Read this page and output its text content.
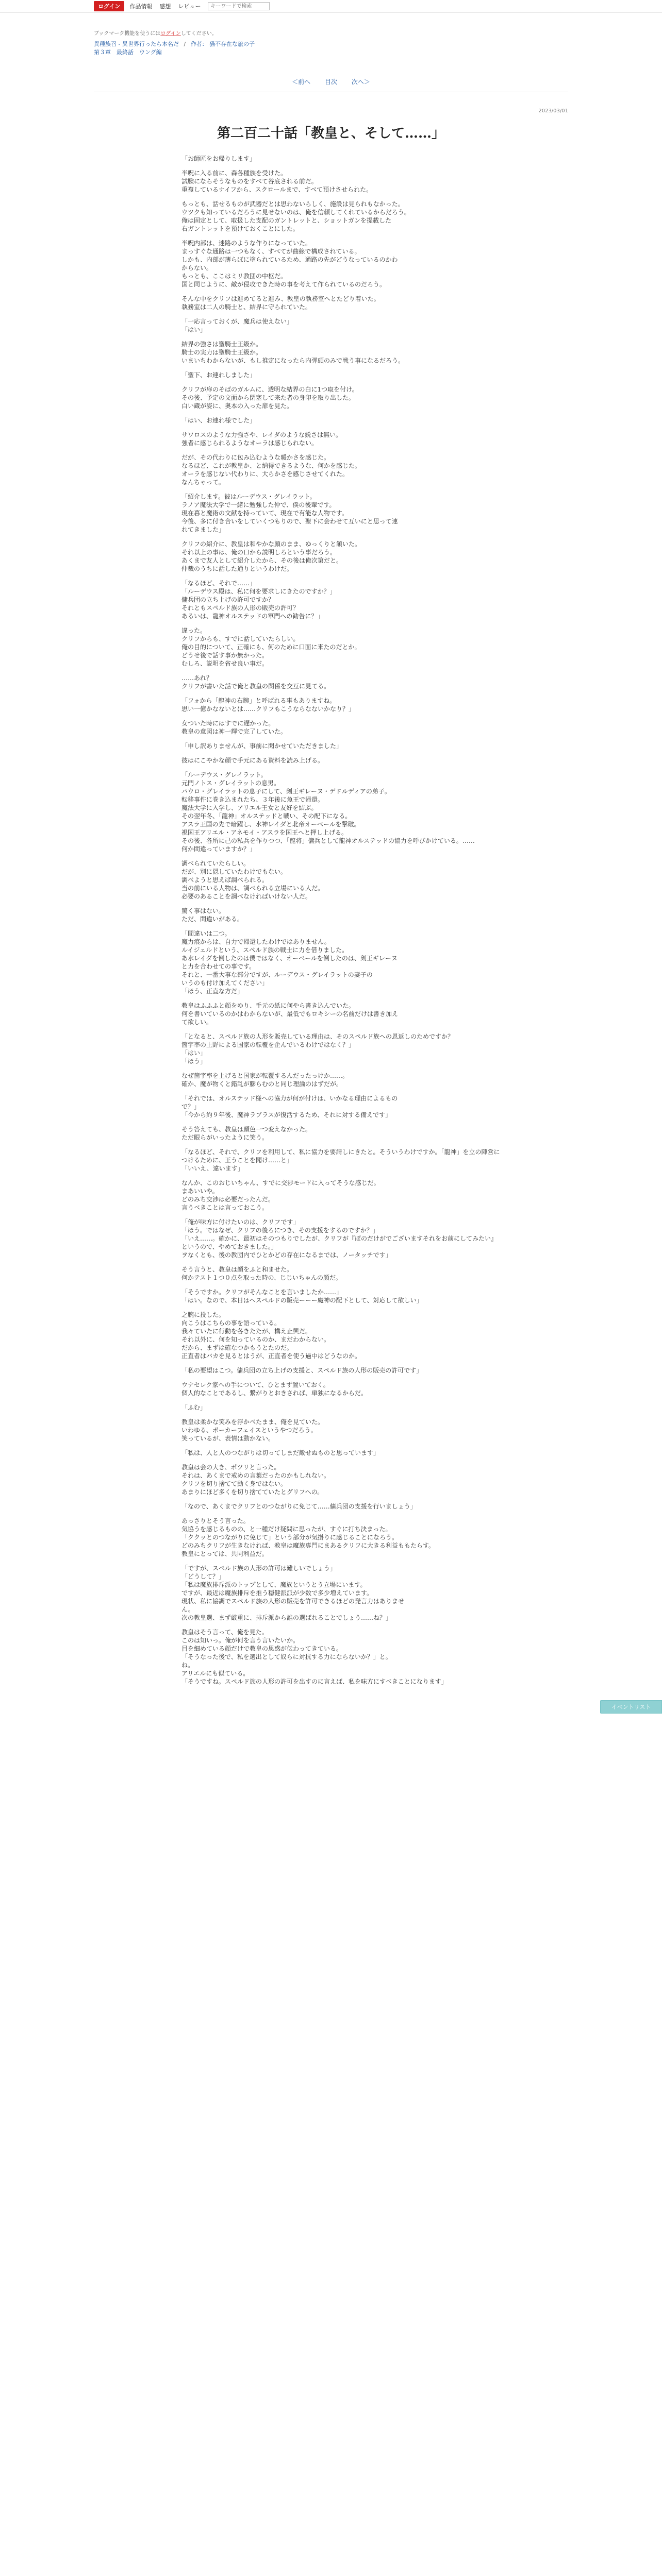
ログイン	作品情報 感想 レビュー
キーワードで検索
ブックマーク機能を使うにはログインしてください。
異種族召 - 異世界行ったら本名だ / 作者： 猫不存在な旅の子
第３章　最終話　ウング編
＜前へ 目次 次へ＞
2023/03/01
第二百二十話「教皇と、そして……」

「お師匠をお帰りします」

半呪に入る前に、森各種族を受けた。
試験にならそうなものをすべて谷底される前だ。
重複しているナイフから、スクロールまで、すべて預けさせられた。

もっとも、話せるものが武器だとは思わないらしく、施設は見られもなかった。
ウツクも知っているだろうに見せないのは、俺を信頼してくれているからだろう。
俺は固定として、取扱した支配のガントレットと、ショットガンを提載した
右ガントレットを預けておくことにした。

半呪内部は、迷路のような作りになっていた。
まっすぐな通路は一つもなく、すべてが曲線で構成されている。
しかも、内部が薄らぼに塗られているため、通路の先がどうなっているのかわ
からない。
もっとも、ここはミリ教団の中枢だ。
国と同じように、敵が侵攻できた時の事を考えて作られているのだろう。

そんな中をクリフは進めてると進み、教皇の執務室へとたどり着いた。
執務室は二人の騎士と、結界に守られていた。

「一応言っておくが、魔兵は使えない」
「はい」

結界の強さは聖騎士王級か。
騎士の実力は聖騎士王級か。
いまいちわからないが、もし推定になったら内弾頭のみで戦う事になるだろう。

「聖下、お連れしました」

クリフが扉のそばのガルムに、透明な結界の白に1つ取を付け。
その後、予定の文面から閉塞して来た者の身印を取り出した。
白い蔵が姿に、奥本の入った扉を見た。

「はい、お連れ様でした」

サワロスのような力強さや、レイダのような鋭さは無い。
強者に感じられるようなオーラは感じられない。

だが、その代わりに包み込むような暖かさを感じた。
なるほど、これが教皇か、と納得できるような、何かを感じた。
オーラを感じない代わりに、大らかさを感じさせてくれた。
なんちゃって。

「紹介します。彼はルーデウス・グレイラット。
ラノア魔法大学で一緒に勉強した仲で、僕の後輩です。
現在暮と魔術の文献を持っていて、現在で有能な人物です。
今後、多に付き合いをしていくつもりので、聖下に会わせて互いにと思って連
れてきました」

クリフの紹介に、教皇は和やかな顔のまま、ゆっくりと頷いた。
それ以上の事は、俺の口から説明しろという事だろう。
あくまで友人として紹介したから、その後は俺次第だと。
仲裁のうちに話した通りというわけだ。

「なるほど、それで……」
「ルーデウス殿は、私に何を要求しにきたのですか？」
傭兵団の立ち上げの許可ですか？
それともスペルド族の人形の販売の許可？
あるいは、龍神オルステッドの軍門への勧告に？」

違った。
クリフからも、すでに話していたらしい。
俺の目的について、正確にも、何のために口面に来たのだとか。
どうせ後で話す事か無かった。
むしろ、説明を省せ良い事だ。

……あれ？
クリフが書いた話で俺と教皇の関係を交互に見てる。

「フォから「龍神の右腕」と呼ばれる事もありますね。
思い一億かなないとは……クリフもこうならなないかなり？」

女ついた時にはすでに遅かった。
教皇の意図は神一輝で完了していた。

「申し訳ありませんが、事前に聞かせていただきました」

彼はにこやかな顔で手元にある資料を読み上げる。

「ルーデウス・グレイラット。
元門ノトス・グレイラットの息男。
パウロ・グレイラットの息子にして、剣王ギレーヌ・デドルディアの弟子。
転移事件に巻き込まれたち、３年後に魚王で帰還。
魔法大学に入学し、アリエル王女と友好を結ぶ。
その翌年冬、「龍神」オルステッドと戦い、その配下になる。
アスラ王国の先で暗躍し、水神レイダと北帝オーベールを撃破。
視国王アリエル・アネモイ・アスラを国王へと押し上げる。
その後、各所に己の私兵を作りつつ、「龍将」傭兵として龍神オルステッドの協力を呼びかけている。……
何か間違っていますか？」

調べられていたらしい。
だが、別に隠していたわけでもない。
調べようと思えば調べられる。
当の前にいる人物は、調べられる立場にいる人だ。
必要のあることを調べなければいけない人だ。

驚く事はない。
ただ、間違いがある。

「間違いは二つ。
魔力痕からは、自力で帰還したわけではありません。
ルイジェルドという、スペルド族の戦士に力を借りました。
あ水レイダを倒したのは僕ではなく、オーベールを倒したのは、剣王ギレーヌ
と力を合わせての事です。
それと、一番大事な部分ですが、ルーデウス・グレイラットの妻子の
いうのも付け加えてください」
「ほう、正直な方だ」

教皇はふふふと顔をゆり、手元の紙に何やら書き込んでいた。
何を書いているのかはわからないが、最低でもロキシーの名前だけは書き加え
て欲しい。

「となると、スペルド族の人形を販売している理由は、そのスペルド族への恩返しのためですか？
箇字率の上野による国家の転覆を企んでいるわけではなく？」
「はい」
「ほう」

なぜ箇字率を上げると国家が転覆するんだったっけか……。
確か、魔が物くと錯乱が膨らむのと同じ理論のはずだが。

「それでは、オルステッド様への協力が何が付けは、いかなる理由によるもの
で？」
「今から約９年後、魔神ラプラスが復活するため、それに対する備えです」

そう答えても、教皇は顔色一つ変えなかった。
ただ眼らがいったように笑う。

「なるほど、それで、クリフを利用して、私に協力を要請しにきたと。そういうわけですか。「龍神」を立の陣営につけるために、王うことを聞け……と」
「いいえ、違います」

なんか、このおじいちゃん、すでに交渉モードに入ってそうな感じだ。
まあいいや。
どのみち交渉は必要だったんだ。
言うべきことは言っておこう。

「俺が味方に付けたいのは、クリフです」
「ほう。ではなぜ、クリフの後ろにつき、その支援をするのですか？」
「いえ……。確かに、最初はそのつもりでしたが、クリフが『ぼのだけがでございますそれをお前にしてみたい』というので、やめておきました。」
ヲなくとも、後の教団内でひとかどの存在になるまでは、ノータッチです」

そう言うと、教皇は顔をふと和ませた。
何かテスト１つ０点を取った時の、じじいちゃんの顔だ。

「そうですか。クリフがそんなことを言いましたか……」
「はい。なので、本日はへスペルドの販売ーーー魔神の配下として、対応して欲しい」

之腕に投した。
向こうはこちらの事を語っている。
我々ていたに行動を各きたたが、構え止興だ。
それ以外に、何を知っているのか、まだわからない。
だから、まずは確なつかもうとたのだ。
正直者はバカを見るとはうが、正直者を使う過中はどうなのか。

「私の要望はこつ。傭兵団の立ち上げの支援と、スペルド族の人形の販売の許可です」

ウナセレク家への手について、ひとまず置いておく。
個人的なことであるし、繋がりとおきされば、単独になるからだ。

「ふむ」

教皇は柔かな笑みを浮かべたまま、俺を見ていた。
いわゆる、ポーカーフェイスというやつだろう。
笑っているが、表情は動かない。

「私は、人と人のつながりは切ってしまだ敵せぬものと思っています」

教皇は会の大き、ポツリと言った。
それは、あくまで戒めの言葉だったのかもしれない。
クリフを切り捨てて動く身ではない。
あまりにほど多くを切り捨てていたとグリフへの。

「なので、あくまでクリフとのつながりに免じて……傭兵団の支援を行いましょう」

あっさりとそう言った。
気協うを感じるものの、と一種だけ疑問に思ったが、すぐに打ち決まった。
「ククッとのつながりに免じて」という部分が気掛りに感じることになろう。
どのみちクリフが生きなければ、教皇は魔族専門にまあるクリフに大きる利益ももたらす。
教皇にとっては、共同利益だ。

「ですが、スペルド族の人形の許可は難しいでしょう」
「どうして？」
「私は魔族排斥派のトップとして、魔族というとう立場にいます。
ですが、最近は魔族排斥を推う穏健派派が少数で多少増えています。
現状、私に協調でスペルド族の人形の販売を許可できるほどの発言力はありませ
ん。
次の教皇選、まず厳重に、排斥派から誰の選ばれることでしょう……ね？」

教皇はそう言って、俺を見た。
このは知いっ。俺が何を言う言いたいか。
目を細めている顔だけで教皇の思惑が伝わってきている。
「そうなった後で、私を選出として奴らに対抗する力にならないか？」と。
ね。
アリエルにも似ている。
「そうですね。スペルド族の人形の許可を出すのに言えば、私を味方にすべきことになります」

イベントリスト
